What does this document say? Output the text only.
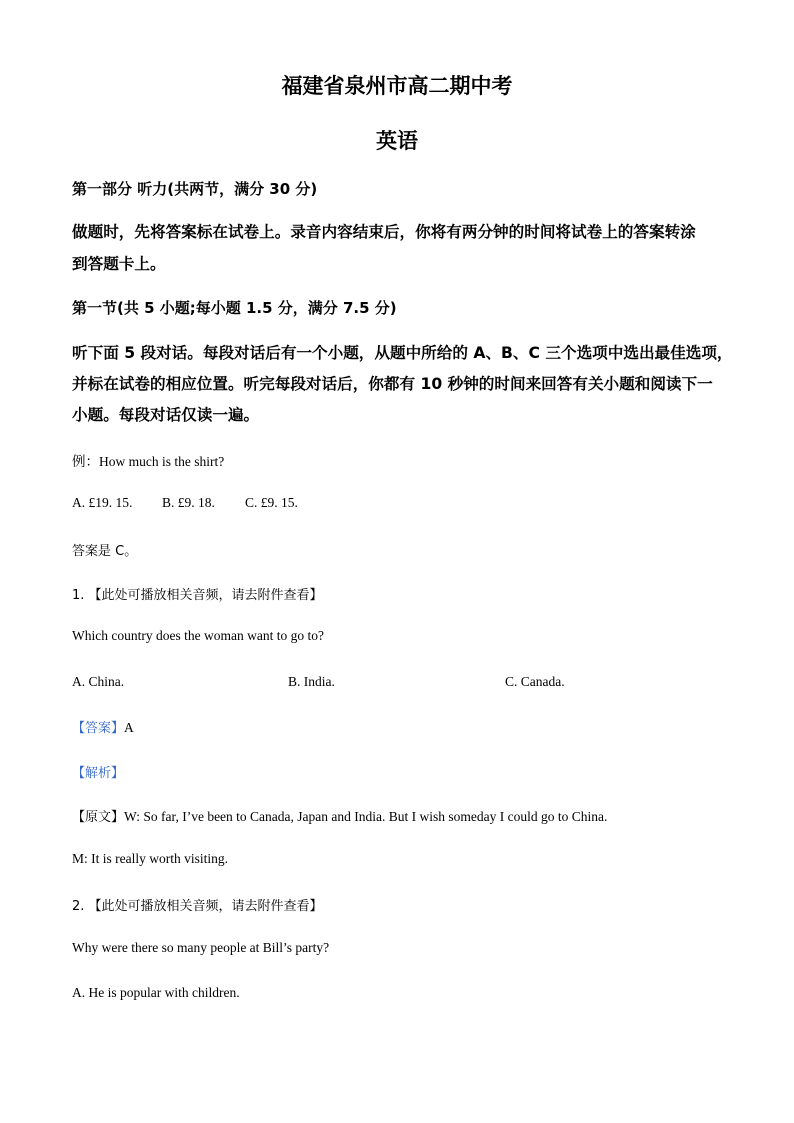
福建省泉州市高二期中考
英语
第一部分 听力(共两节，满分 30 分)
做题时，先将答案标在试卷上。录音内容结束后，你将有两分钟的时间将试卷上的答案转涂
到答题卡上。
第一节(共 5 小题;每小题 1.5 分，满分 7.5 分)
听下面 5 段对话。每段对话后有一个小题，从题中所给的 A、B、C 三个选项中选出最佳选项，
并标在试卷的相应位置。听完每段对话后，你都有 10 秒钟的时间来回答有关小题和阅读下一
小题。每段对话仅读一遍。
例：How much is the shirt?
A. £19. 15. B. £9. 18. C. £9. 15.
答案是 C。
1. 【此处可播放相关音频，请去附件查看】
Which country does the woman want to go to?
A. China.	B. India.	C. Canada.
【答案】A
【解析】
【原文】W: So far, I’ve been to Canada, Japan and India. But I wish someday I could go to China.
M: It is really worth visiting.
2. 【此处可播放相关音频，请去附件查看】
Why were there so many people at Bill’s party?
A. He is popular with children.
